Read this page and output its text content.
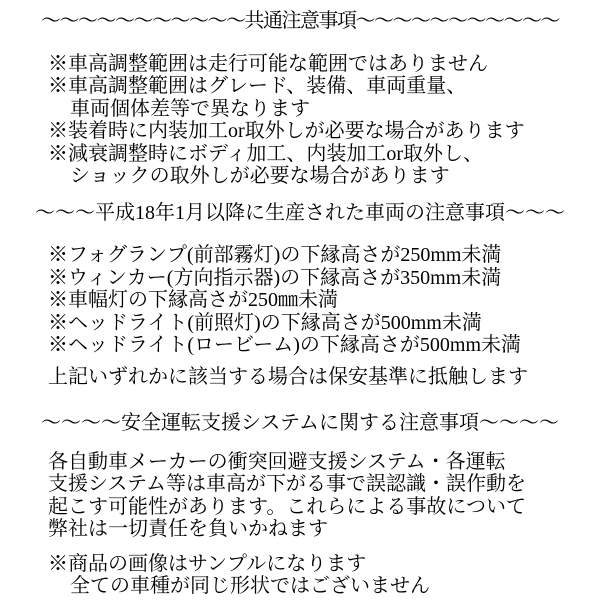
～～～～～～～～～～～共通注意事項～～～～～～～～～～～
※車高調整範囲は走行可能な範囲ではありません
※車高調整範囲はグレード、装備、車両重量、
車両個体差等で異なります
※装着時に内装加工or取外しが必要な場合があります
※減衰調整時にボディ加工、内装加工or取外し、
ショックの取外しが必要な場合があります
～～～平成18年1月以降に生産された車両の注意事項～～～
※フォグランプ(前部霧灯)の下縁高さが250mm未満
※ウィンカー(方向指示器)の下縁高さが350mm未満
※車幅灯の下縁高さが250㎜未満
※ヘッドライト(前照灯)の下縁高さが500mm未満
※ヘッドライト(ロービーム)の下縁高さが500mm未満
上記いずれかに該当する場合は保安基準に抵触します
～～～～安全運転支援システムに関する注意事項～～～～
各自動車メーカーの衝突回避支援システム・各運転
支援システム等は車高が下がる事で誤認識・誤作動を
起こす可能性があります。これらによる事故について
弊社は一切責任を負いかねます
※商品の画像はサンプルになります
全ての車種が同じ形状ではございません
